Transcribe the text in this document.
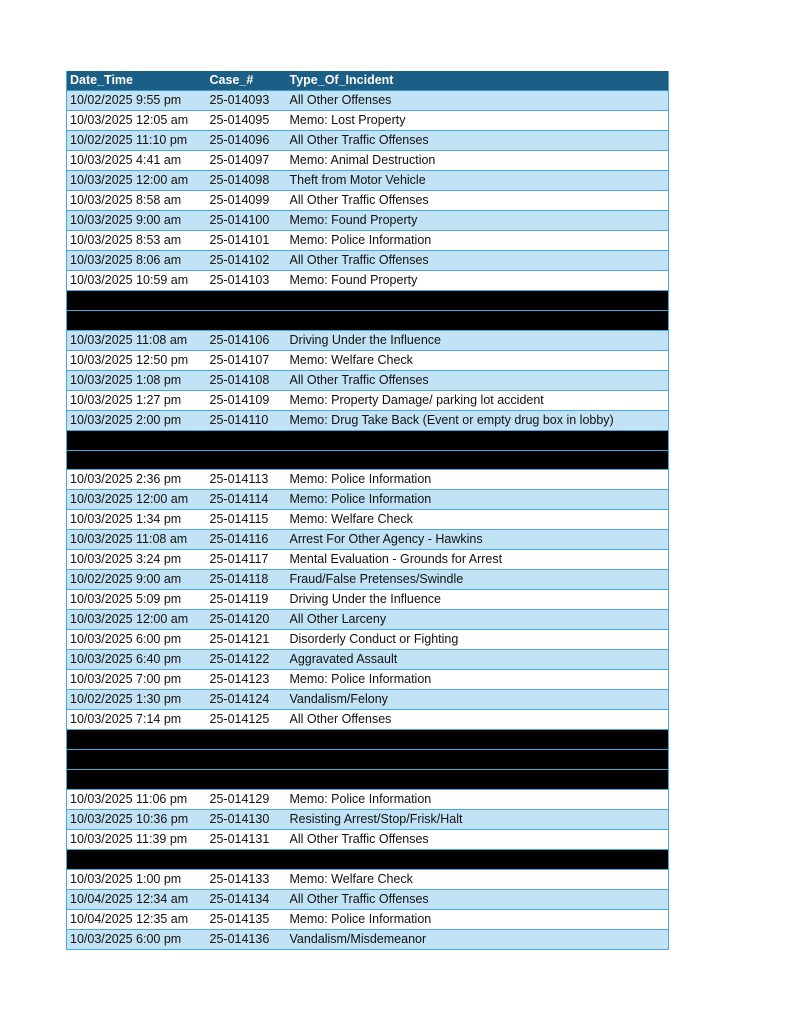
Date_Time	Case_#	Type_Of_Incident
10/02/2025 9:55 pm	25-014093	All Other Offenses
10/03/2025 12:05 am	25-014095	Memo: Lost Property
10/02/2025 11:10 pm	25-014096	All Other Traffic Offenses
10/03/2025 4:41 am	25-014097	Memo: Animal Destruction
10/03/2025 12:00 am	25-014098	Theft from Motor Vehicle
10/03/2025 8:58 am	25-014099	All Other Traffic Offenses
10/03/2025 9:00 am	25-014100	Memo: Found Property
10/03/2025 8:53 am	25-014101	Memo: Police Information
10/03/2025 8:06 am	25-014102	All Other Traffic Offenses
10/03/2025 10:59 am	25-014103	Memo: Found Property

10/03/2025 11:08 am	25-014106	Driving Under the Influence
10/03/2025 12:50 pm	25-014107	Memo: Welfare Check
10/03/2025 1:08 pm	25-014108	All Other Traffic Offenses
10/03/2025 1:27 pm	25-014109	Memo: Property Damage/ parking lot accident
10/03/2025 2:00 pm	25-014110	Memo: Drug Take Back (Event or empty drug box in lobby)

10/03/2025 2:36 pm	25-014113	Memo: Police Information
10/03/2025 12:00 am	25-014114	Memo: Police Information
10/03/2025 1:34 pm	25-014115	Memo: Welfare Check
10/03/2025 11:08 am	25-014116	Arrest For Other Agency - Hawkins
10/03/2025 3:24 pm	25-014117	Mental Evaluation - Grounds for Arrest
10/02/2025 9:00 am	25-014118	Fraud/False Pretenses/Swindle
10/03/2025 5:09 pm	25-014119	Driving Under the Influence
10/03/2025 12:00 am	25-014120	All Other Larceny
10/03/2025 6:00 pm	25-014121	Disorderly Conduct or Fighting
10/03/2025 6:40 pm	25-014122	Aggravated Assault
10/03/2025 7:00 pm	25-014123	Memo: Police Information
10/02/2025 1:30 pm	25-014124	Vandalism/Felony
10/03/2025 7:14 pm	25-014125	All Other Offenses

10/03/2025 11:06 pm	25-014129	Memo: Police Information
10/03/2025 10:36 pm	25-014130	Resisting Arrest/Stop/Frisk/Halt
10/03/2025 11:39 pm	25-014131	All Other Traffic Offenses

10/03/2025 1:00 pm	25-014133	Memo: Welfare Check
10/04/2025 12:34 am	25-014134	All Other Traffic Offenses
10/04/2025 12:35 am	25-014135	Memo: Police Information
10/03/2025 6:00 pm	25-014136	Vandalism/Misdemeanor
